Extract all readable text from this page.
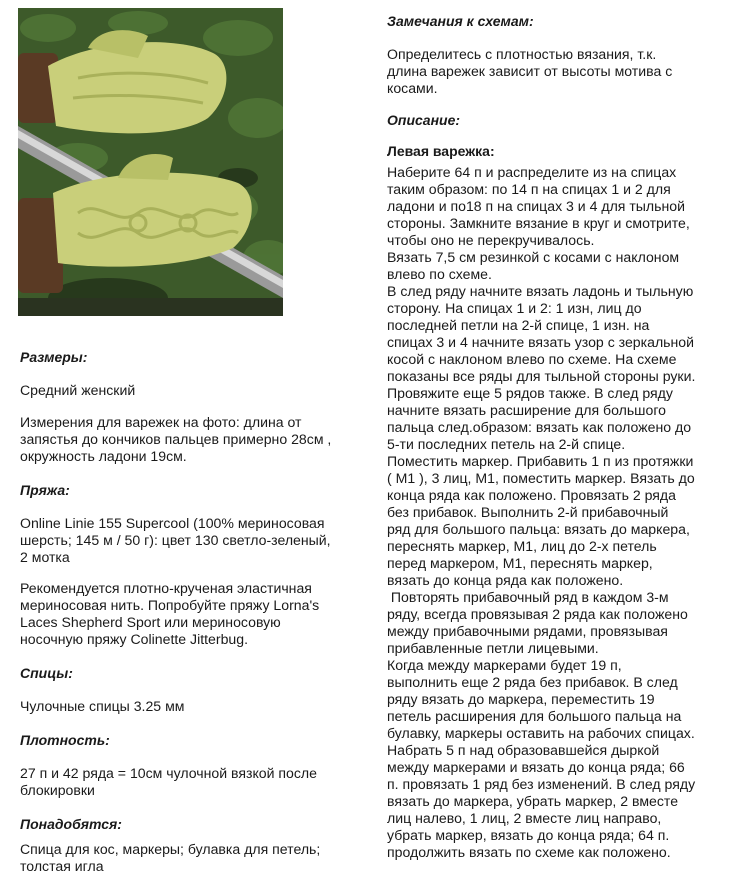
Размеры:

Средний женский

Измерения для варежек на фото: длина от
запястья до кончиков пальцев примерно 28см ,
окружность ладони 19см.

Пряжа:

Online Linie 155 Supercool (100% мериносовая
шерсть; 145 м / 50 г): цвет 130 светло-зеленый,
2 мотка

Рекомендуется плотно-крученая эластичная
мериносовая нить. Попробуйте пряжу Lorna's
Laces Shepherd Sport или мериносовую
носочную пряжу Colinette Jitterbug.

Спицы:

Чулочные спицы 3.25 мм

Плотность:

27 п и 42 ряда = 10см чулочной вязкой после
блокировки

Понадобятся:

Спица для кос, маркеры; булавка для петель;
толстая игла

Замечания к схемам:

Определитесь с плотностью вязания, т.к.
длина варежек зависит от высоты мотива с
косами.

Описание:

Левая варежка:

Наберите 64 п и распределите из на спицах
таким образом: по 14 п на спицах 1 и 2 для
ладони и по18 п на спицах 3 и 4 для тыльной
стороны. Замкните вязание в круг и смотрите,
чтобы оно не перекручивалось.
Вязать 7,5 см резинкой с косами с наклоном
влево по схеме.
В след ряду начните вязать ладонь и тыльную
сторону. На спицах 1 и 2: 1 изн, лиц до
последней петли на 2-й спице, 1 изн. на
спицах 3 и 4 начните вязать узор с зеркальной
косой с наклоном влево по схеме. На схеме
показаны все ряды для тыльной стороны руки.
Провяжите еще 5 рядов также. В след ряду
начните вязать расширение для большого
пальца след.образом: вязать как положено до
5-ти последних петель на 2-й спице.
Поместить маркер. Прибавить 1 п из протяжки
( М1 ), 3 лиц, М1, поместить маркер. Вязать до
конца ряда как положено. Провязать 2 ряда
без прибавок. Выполнить 2-й прибавочный
ряд для большого пальца: вязать до маркера,
переснять маркер, М1, лиц до 2-х петель
перед маркером, М1, переснять маркер,
вязать до конца ряда как положено.
Повторять прибавочный ряд в каждом 3-м
ряду, всегда провязывая 2 ряда как положено
между прибавочными рядами, провязывая
прибавленные петли лицевыми.
Когда между маркерами будет 19 п,
выполнить еще 2 ряда без прибавок. В след
ряду вязать до маркера, переместить 19
петель расширения для большого пальца на
булавку, маркеры оставить на рабочих спицах.
Набрать 5 п над образовавшейся дыркой
между маркерами и вязать до конца ряда; 66
п. провязать 1 ряд без изменений. В след ряду
вязать до маркера, убрать маркер, 2 вместе
лиц налево, 1 лиц, 2 вместе лиц направо,
убрать маркер, вязать до конца ряда; 64 п.
продолжить вязать по схеме как положено.
